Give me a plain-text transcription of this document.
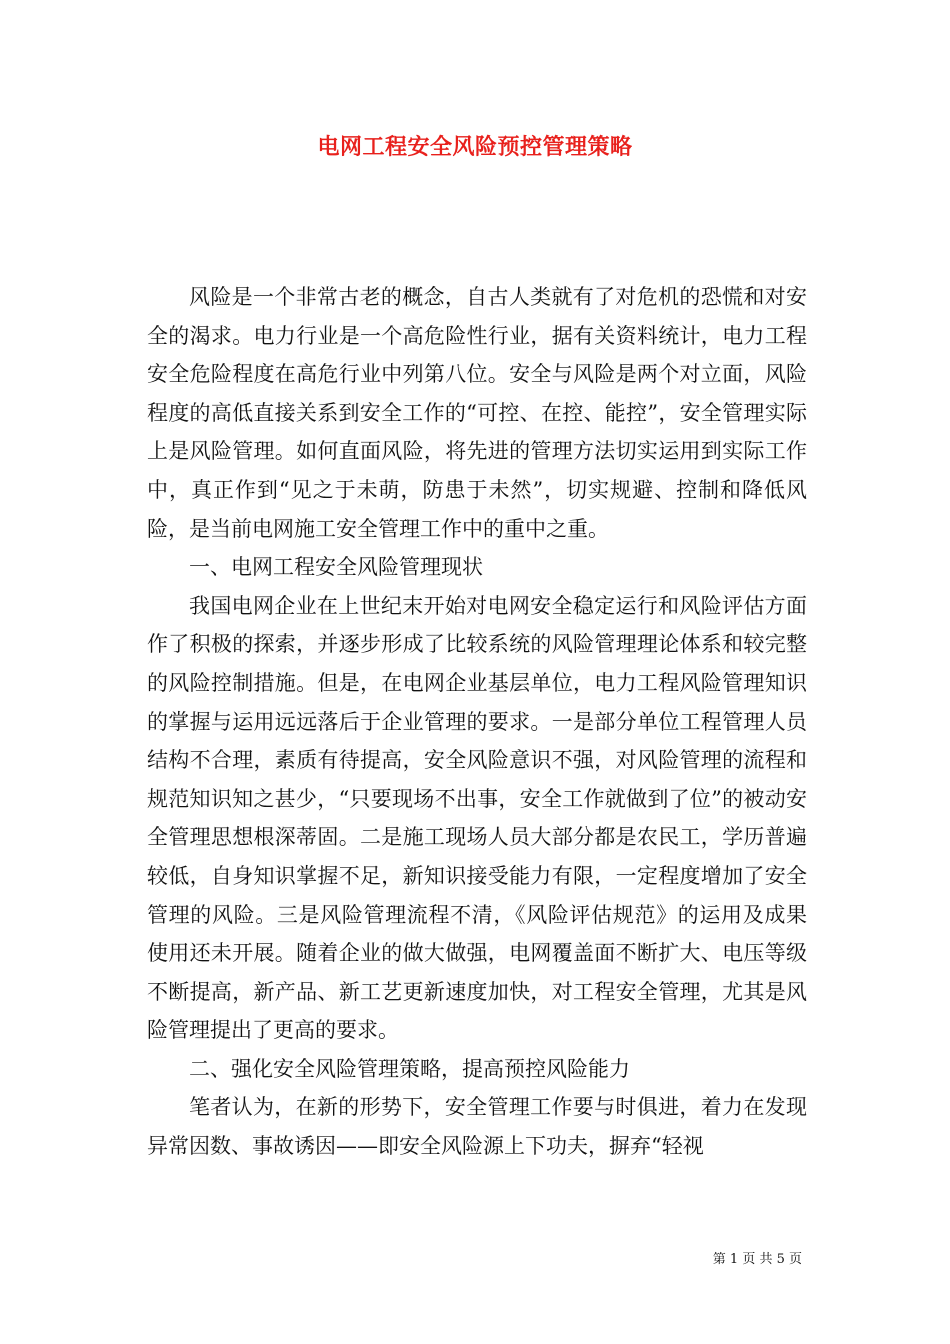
电网工程安全风险预控管理策略

风险是一个非常古老的概念，自古人类就有了对危机的恐慌和对安全的渴求。电力行业是一个高危险性行业，据有关资料统计，电力工程安全危险程度在高危行业中列第八位。安全与风险是两个对立面，风险程度的高低直接关系到安全工作的“可控、在控、能控”，安全管理实际上是风险管理。如何直面风险，将先进的管理方法切实运用到实际工作中，真正作到“见之于未萌，防患于未然”，切实规避、控制和降低风险，是当前电网施工安全管理工作中的重中之重。

一、电网工程安全风险管理现状

我国电网企业在上世纪末开始对电网安全稳定运行和风险评估方面作了积极的探索，并逐步形成了比较系统的风险管理理论体系和较完整的风险控制措施。但是，在电网企业基层单位，电力工程风险管理知识的掌握与运用远远落后于企业管理的要求。一是部分单位工程管理人员结构不合理，素质有待提高，安全风险意识不强，对风险管理的流程和规范知识知之甚少，“只要现场不出事，安全工作就做到了位”的被动安全管理思想根深蒂固。二是施工现场人员大部分都是农民工，学历普遍较低，自身知识掌握不足，新知识接受能力有限，一定程度增加了安全管理的风险。三是风险管理流程不清，《风险评估规范》的运用及成果使用还未开展。随着企业的做大做强，电网覆盖面不断扩大、电压等级不断提高，新产品、新工艺更新速度加快，对工程安全管理，尤其是风险管理提出了更高的要求。

二、强化安全风险管理策略，提高预控风险能力

笔者认为，在新的形势下，安全管理工作要与时俱进，着力在发现异常因数、事故诱因——即安全风险源上下功夫，摒弃“轻视

第 1 页 共 5 页
